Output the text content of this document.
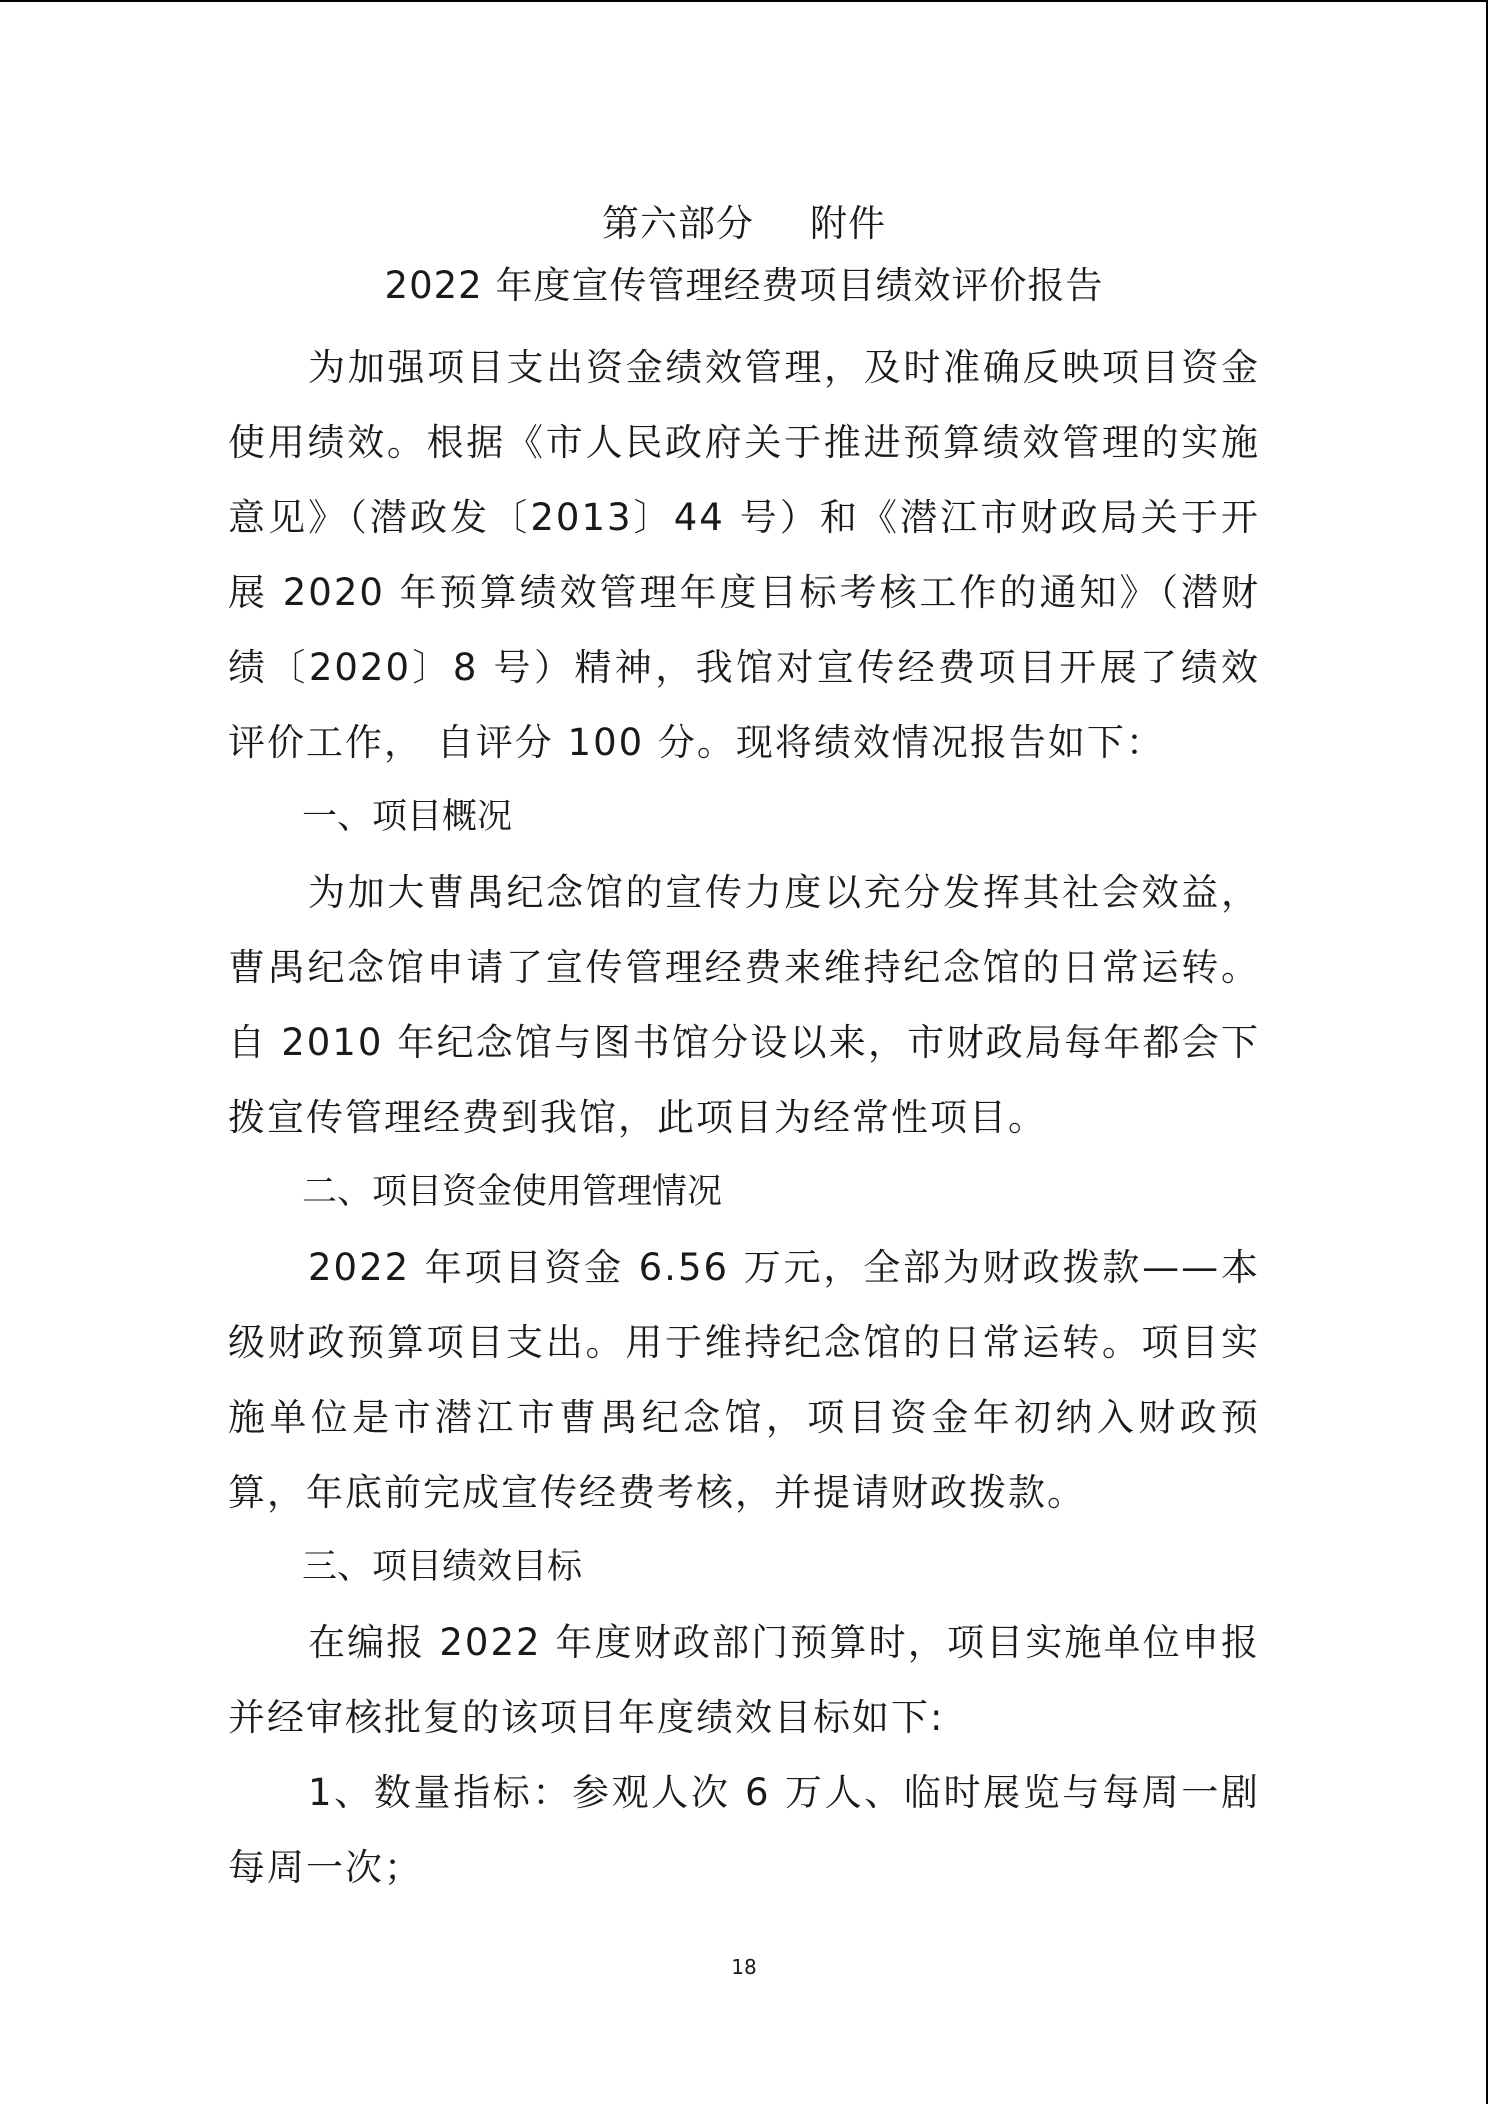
第六部分 附件

2022 年度宣传管理经费项目绩效评价报告

为加强项目支出资金绩效管理，及时准确反映项目资金使用绩效。根据《市人民政府关于推进预算绩效管理的实施意见》（潜政发〔2013〕44 号）和《潜江市财政局关于开展 2020 年预算绩效管理年度目标考核工作的通知》（潜财绩〔2020〕8 号）精神，我馆对宣传经费项目开展了绩效评价工作， 自评分 100 分。现将绩效情况报告如下：

一、项目概况

为加大曹禺纪念馆的宣传力度以充分发挥其社会效益，曹禺纪念馆申请了宣传管理经费来维持纪念馆的日常运转。自 2010 年纪念馆与图书馆分设以来，市财政局每年都会下拨宣传管理经费到我馆，此项目为经常性项目。

二、项目资金使用管理情况

2022 年项目资金 6.56 万元，全部为财政拨款——本级财政预算项目支出。用于维持纪念馆的日常运转。项目实施单位是市潜江市曹禺纪念馆，项目资金年初纳入财政预算，年底前完成宣传经费考核，并提请财政拨款。

三、项目绩效目标

在编报 2022 年度财政部门预算时，项目实施单位申报并经审核批复的该项目年度绩效目标如下:

1、数量指标：参观人次 6 万人、临时展览与每周一剧每周一次；

18
